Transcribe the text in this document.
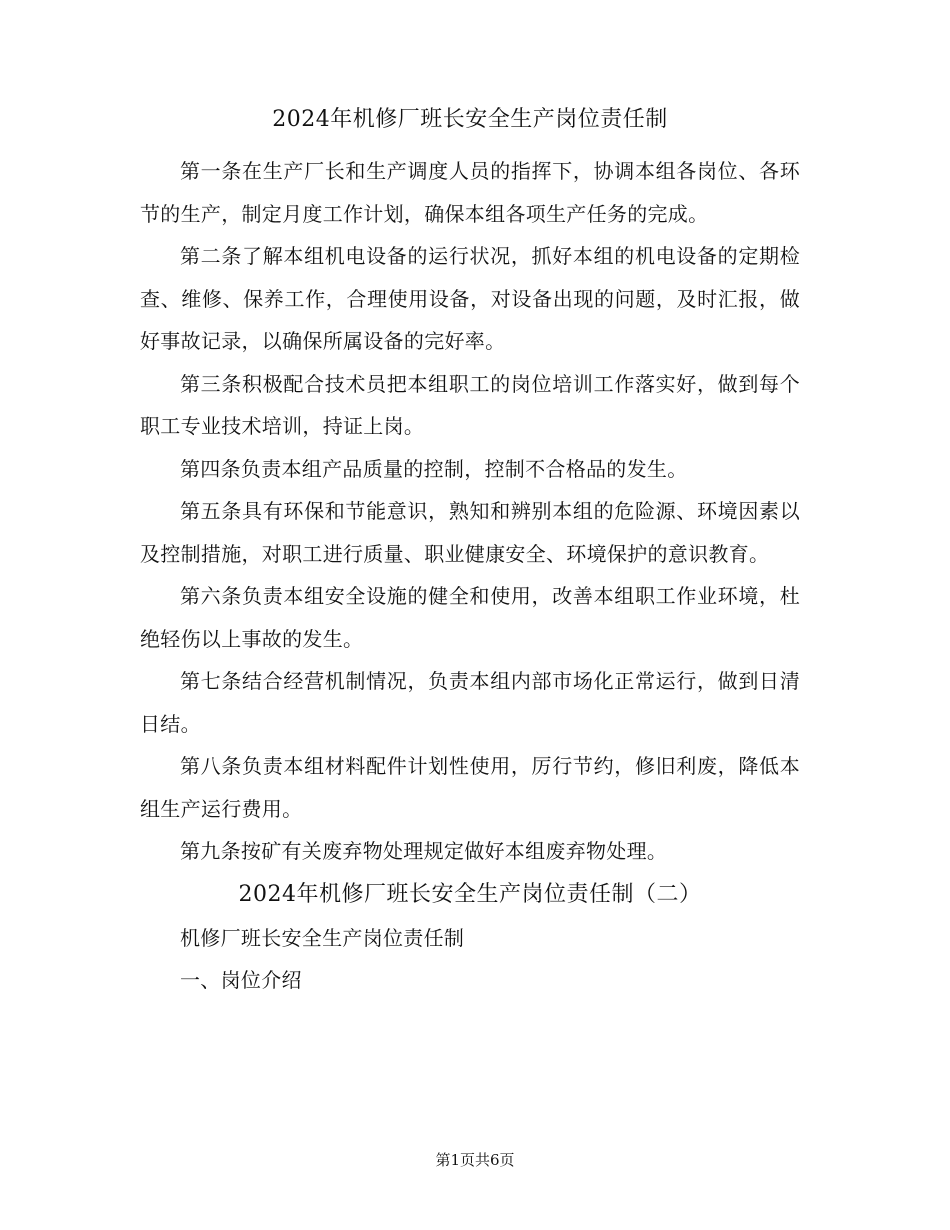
2024年机修厂班长安全生产岗位责任制

第一条在生产厂长和生产调度人员的指挥下，协调本组各岗位、各环节的生产，制定月度工作计划，确保本组各项生产任务的完成。

第二条了解本组机电设备的运行状况，抓好本组的机电设备的定期检查、维修、保养工作，合理使用设备，对设备出现的问题，及时汇报，做好事故记录，以确保所属设备的完好率。

第三条积极配合技术员把本组职工的岗位培训工作落实好，做到每个职工专业技术培训，持证上岗。

第四条负责本组产品质量的控制，控制不合格品的发生。

第五条具有环保和节能意识，熟知和辨别本组的危险源、环境因素以及控制措施，对职工进行质量、职业健康安全、环境保护的意识教育。

第六条负责本组安全设施的健全和使用，改善本组职工作业环境，杜绝轻伤以上事故的发生。

第七条结合经营机制情况，负责本组内部市场化正常运行，做到日清日结。

第八条负责本组材料配件计划性使用，厉行节约，修旧利废，降低本组生产运行费用。

第九条按矿有关废弃物处理规定做好本组废弃物处理。

2024年机修厂班长安全生产岗位责任制（二）

机修厂班长安全生产岗位责任制

一、岗位介绍

第1页共6页
